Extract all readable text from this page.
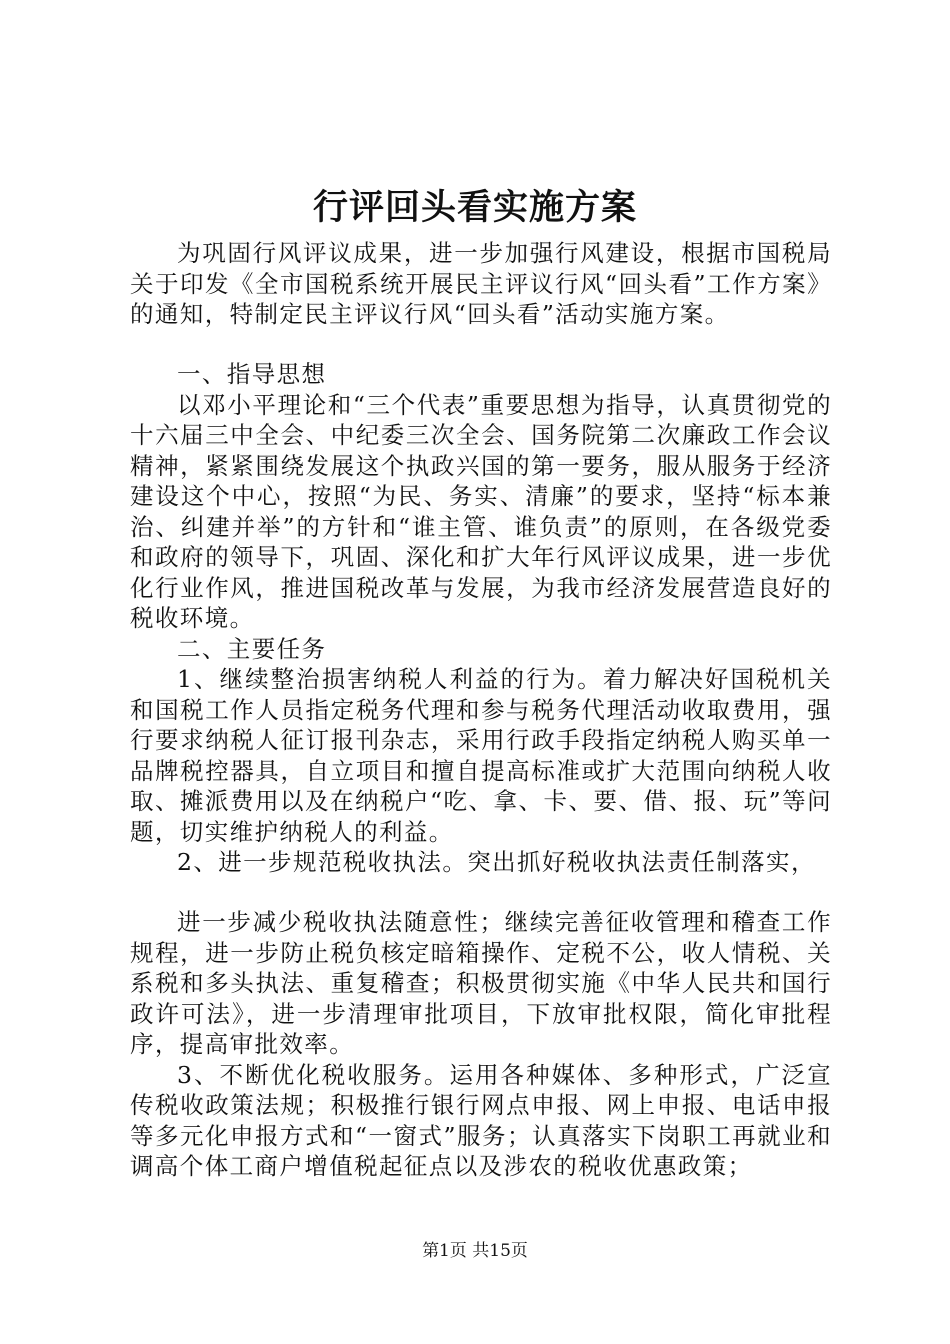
行评回头看实施方案

为巩固行风评议成果，进一步加强行风建设，根据市国税局关于印发《全市国税系统开展民主评议行风“回头看”工作方案》的通知，特制定民主评议行风“回头看”活动实施方案。

一、指导思想

以邓小平理论和“三个代表”重要思想为指导，认真贯彻党的十六届三中全会、中纪委三次全会、国务院第二次廉政工作会议精神，紧紧围绕发展这个执政兴国的第一要务，服从服务于经济建设这个中心，按照“为民、务实、清廉”的要求，坚持“标本兼治、纠建并举”的方针和“谁主管、谁负责”的原则，在各级党委和政府的领导下，巩固、深化和扩大年行风评议成果，进一步优化行业作风，推进国税改革与发展，为我市经济发展营造良好的税收环境。

二、主要任务

1、继续整治损害纳税人利益的行为。着力解决好国税机关和国税工作人员指定税务代理和参与税务代理活动收取费用，强行要求纳税人征订报刊杂志，采用行政手段指定纳税人购买单一品牌税控器具，自立项目和擅自提高标准或扩大范围向纳税人收取、摊派费用以及在纳税户“吃、拿、卡、要、借、报、玩”等问题，切实维护纳税人的利益。

2、进一步规范税收执法。突出抓好税收执法责任制落实，

进一步减少税收执法随意性；继续完善征收管理和稽查工作规程，进一步防止税负核定暗箱操作、定税不公，收人情税、关系税和多头执法、重复稽查；积极贯彻实施《中华人民共和国行政许可法》，进一步清理审批项目，下放审批权限，简化审批程序，提高审批效率。

3、不断优化税收服务。运用各种媒体、多种形式，广泛宣传税收政策法规；积极推行银行网点申报、网上申报、电话申报等多元化申报方式和“一窗式”服务；认真落实下岗职工再就业和调高个体工商户增值税起征点以及涉农的税收优惠政策；

第1页 共15页
